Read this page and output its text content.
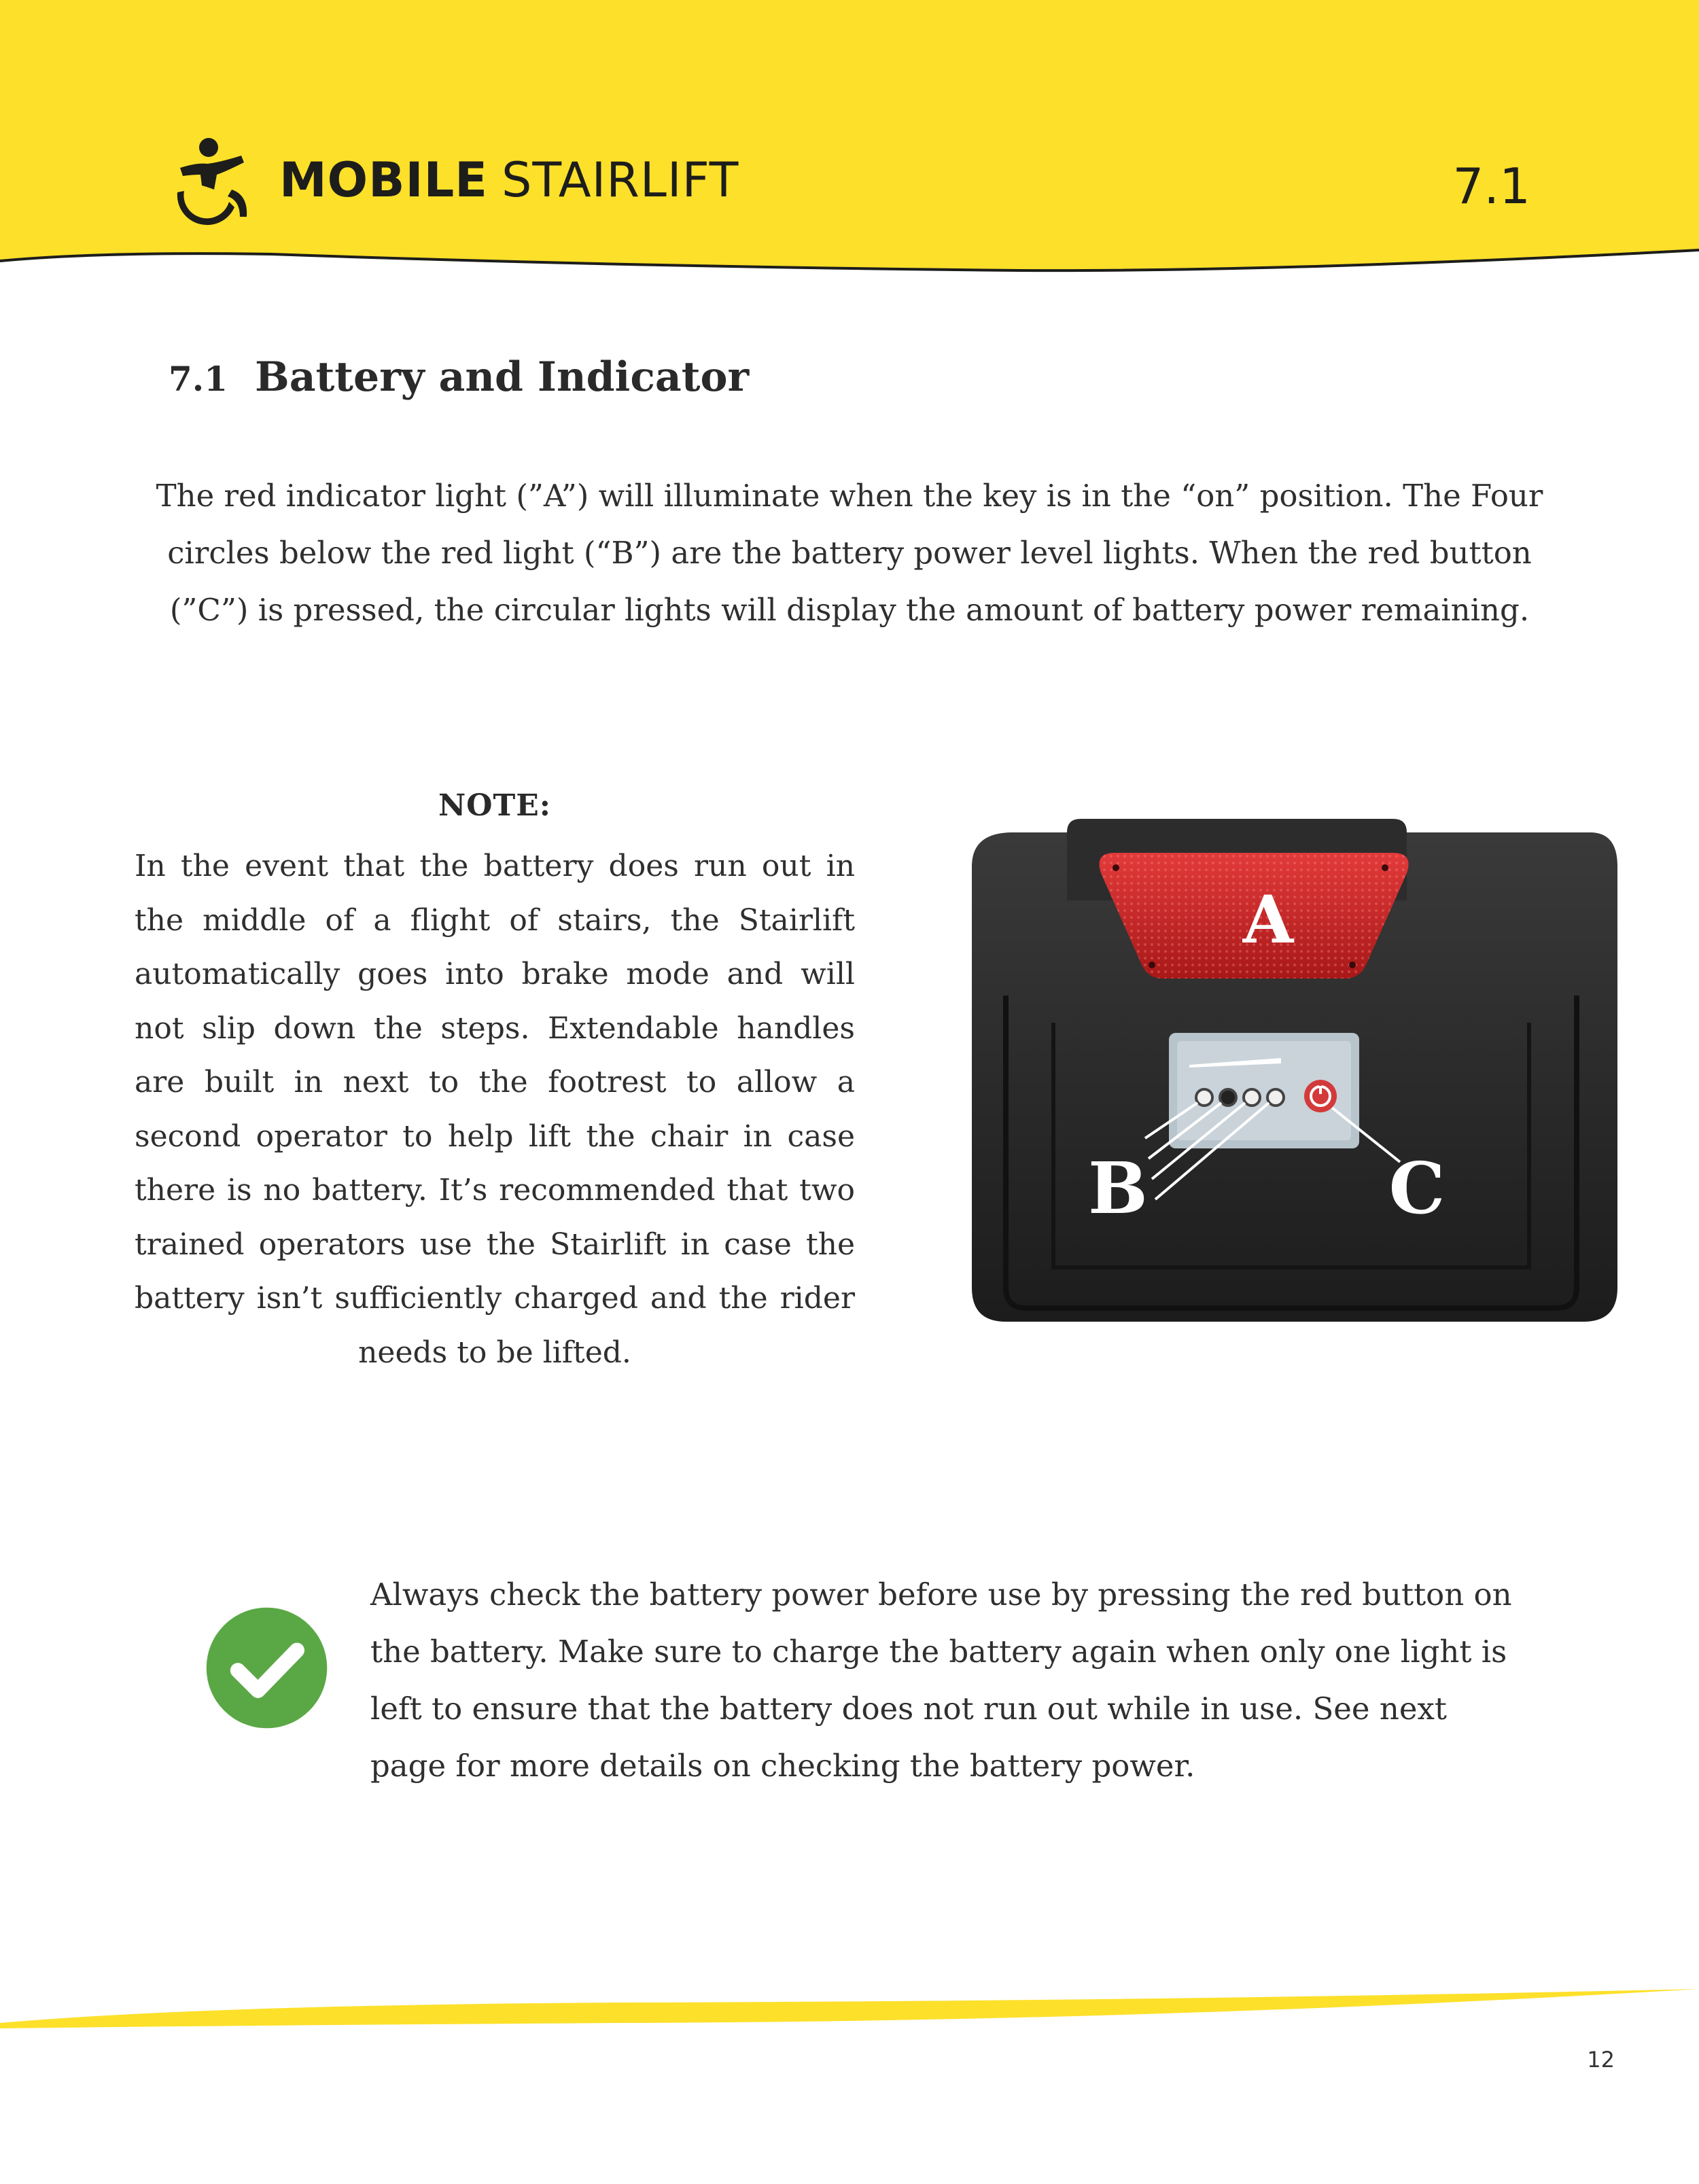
MOBILE STAIRLIFT	7.1
7.1 Battery and Indicator

The red indicator light (”A”) will illuminate when the key is in the “on” position. The Four circles below the red light (“B”) are the battery power level lights. When the red button (”C”) is pressed, the circular lights will display the amount of battery power remaining.

NOTE:

In the event that the battery does run out in the middle of a flight of stairs, the Stairlift automatically goes into brake mode and will not slip down the steps. Extendable handles are built in next to the footrest to allow a second operator to help lift the chair in case there is no battery. It’s recommended that two trained operators use the Stairlift in case the battery isn’t sufficiently charged and the rider needs to be lifted.

A
B	C

Always check the battery power before use by pressing the red button on the battery. Make sure to charge the battery again when only one light is left to ensure that the battery does not run out while in use. See next page for more details on checking the battery power.

12
